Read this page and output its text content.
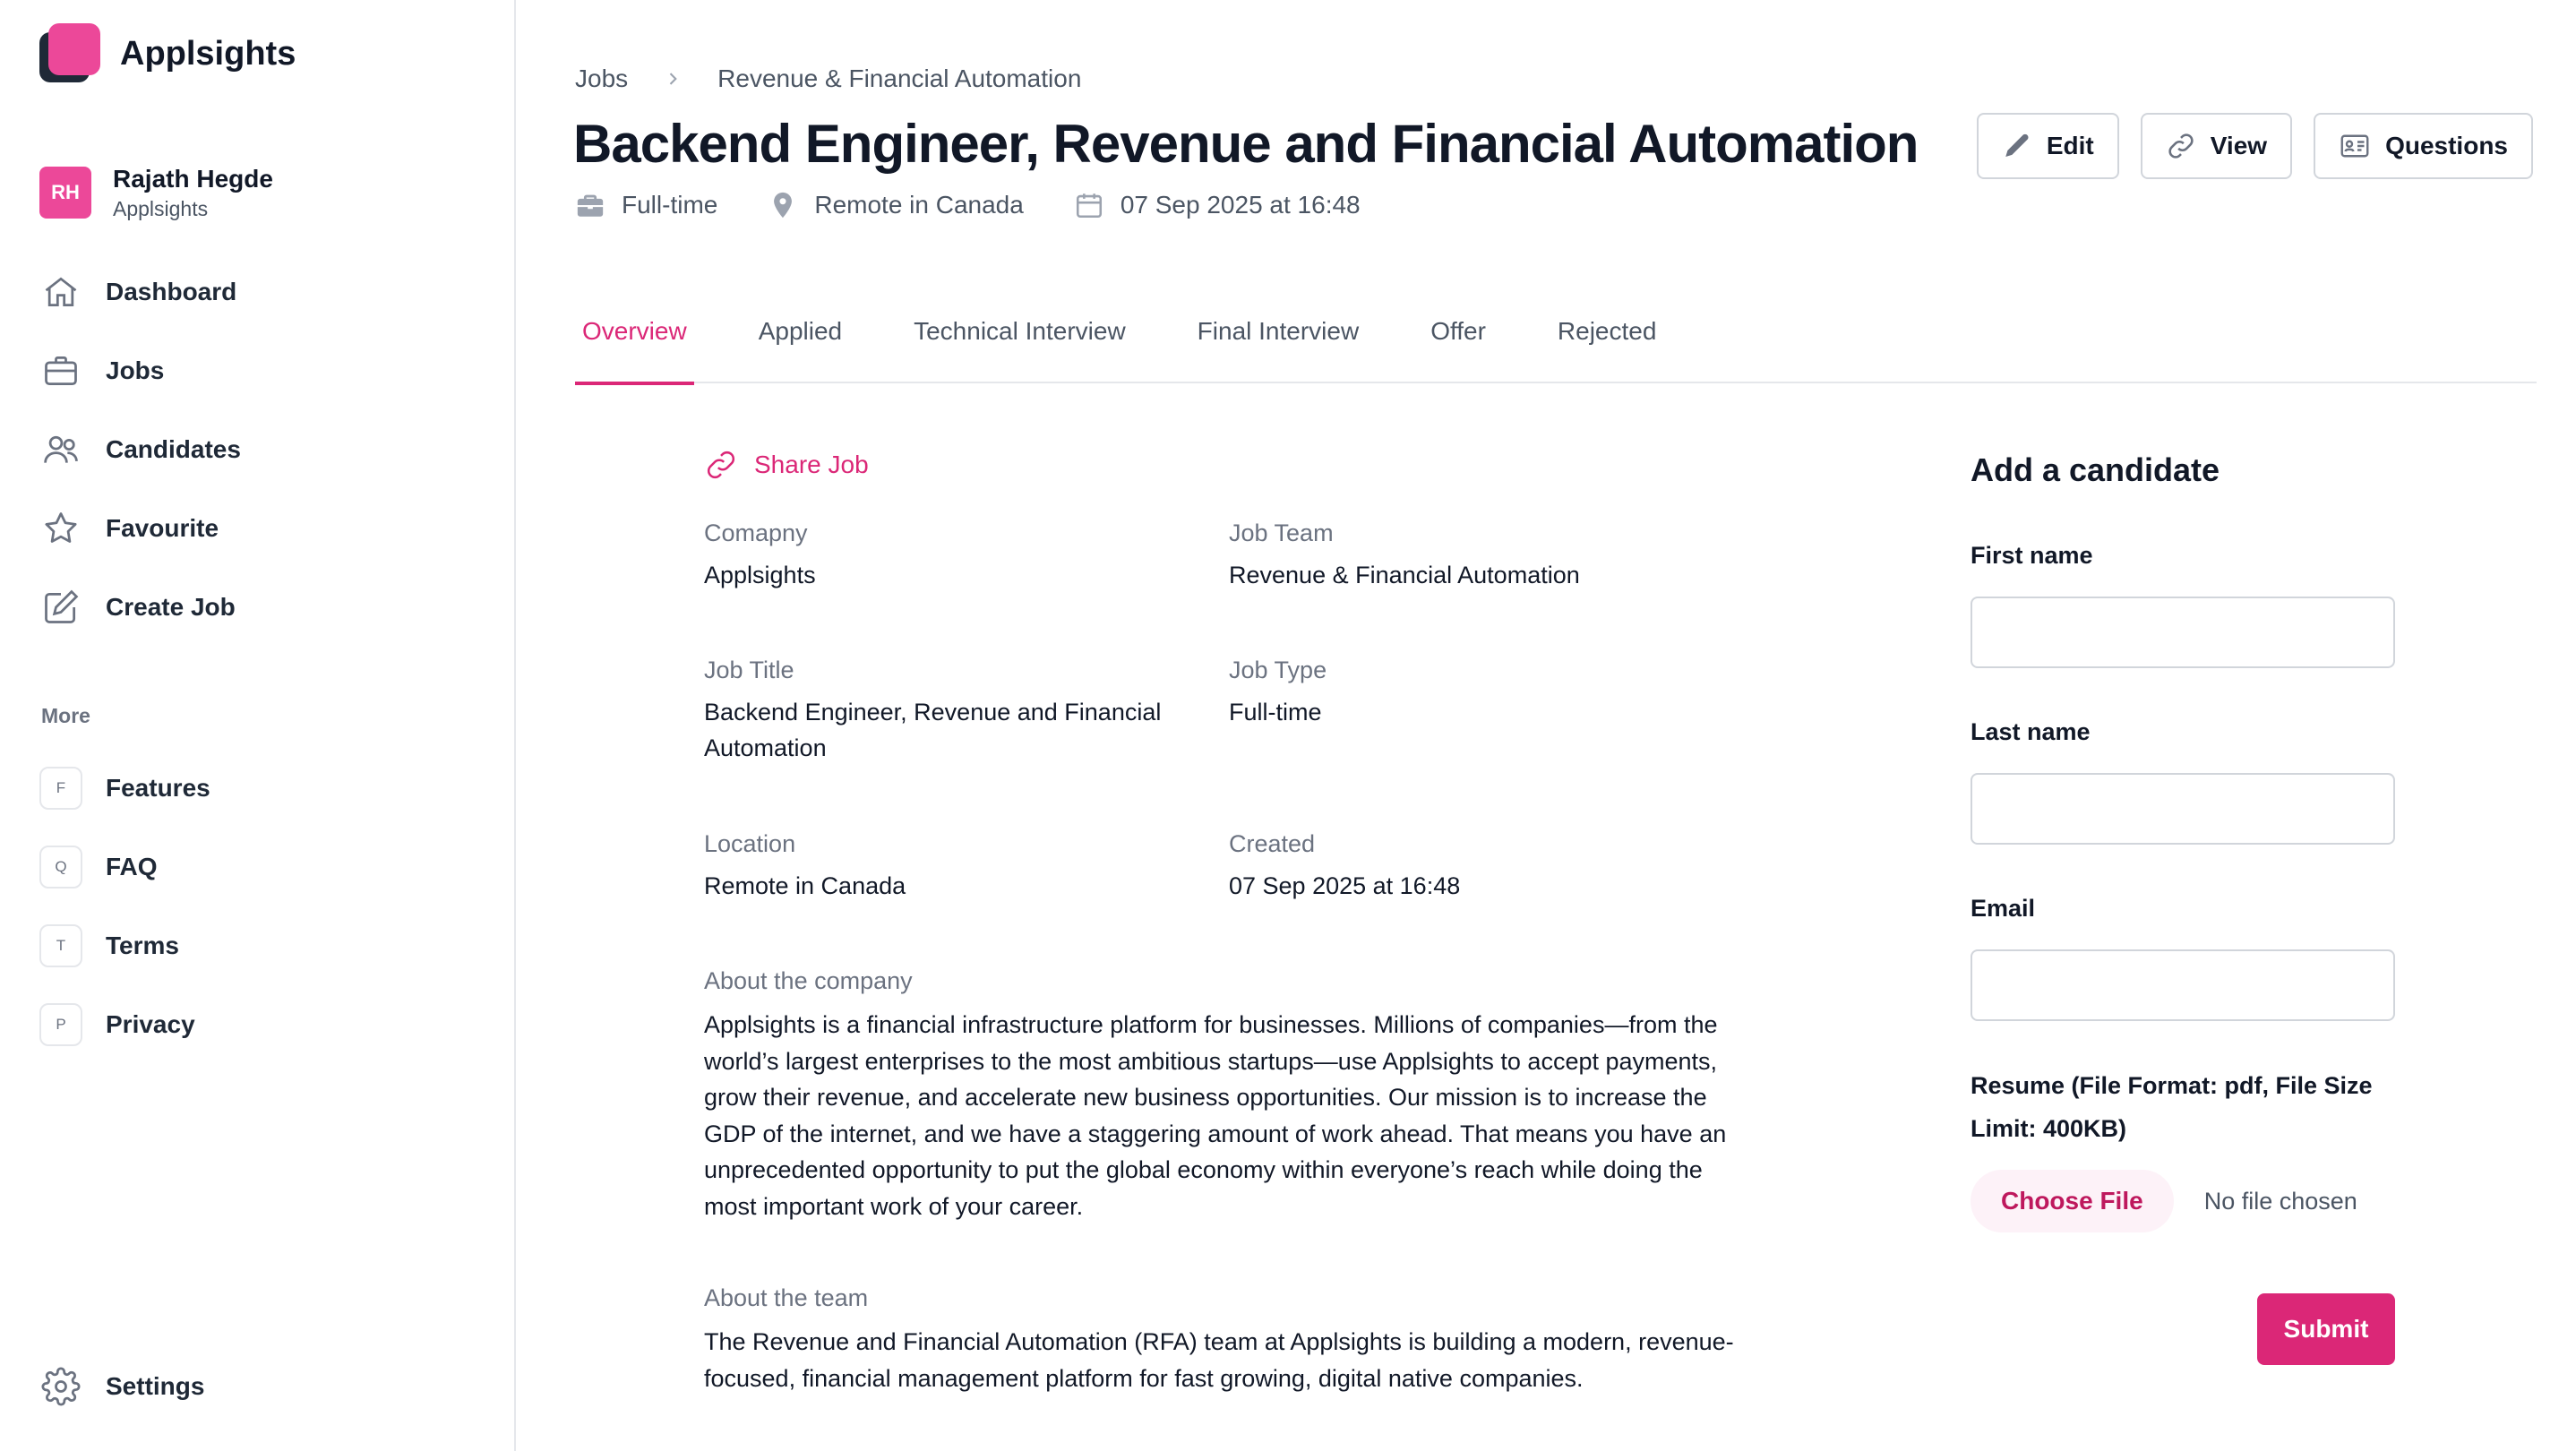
Applsights
RH	Rajath Hegde
Applsights
Dashboard
Jobs
Candidates
Favourite
Create Job
More
F	Features
Q	FAQ
T	Terms
P	Privacy
Settings
Jobs	Revenue & Financial Automation
Backend Engineer, Revenue and Financial Automation
Full-time	Remote in Canada	07 Sep 2025 at 16:48
Edit	View	Questions
Overview	Applied	Technical Interview	Final Interview	Offer	Rejected
Share Job
Comapny
Applsights
Job Team
Revenue & Financial Automation
Job Title
Backend Engineer, Revenue and Financial Automation
Job Type
Full-time
Location
Remote in Canada
Created
07 Sep 2025 at 16:48
About the company

Applsights is a financial infrastructure platform for businesses. Millions of companies—from the world’s largest enterprises to the most ambitious startups—use Applsights to accept payments, grow their revenue, and accelerate new business opportunities. Our mission is to increase the GDP of the internet, and we have a staggering amount of work ahead. That means you have an unprecedented opportunity to put the global economy within everyone’s reach while doing the most important work of your career.

About the team

The Revenue and Financial Automation (RFA) team at Applsights is building a modern, revenue-focused, financial management platform for fast growing, digital native companies.

Add a candidate
First name
Last name
Email
Resume (File Format: pdf, File Size Limit: 400KB)
Choose File	No file chosen
Submit
